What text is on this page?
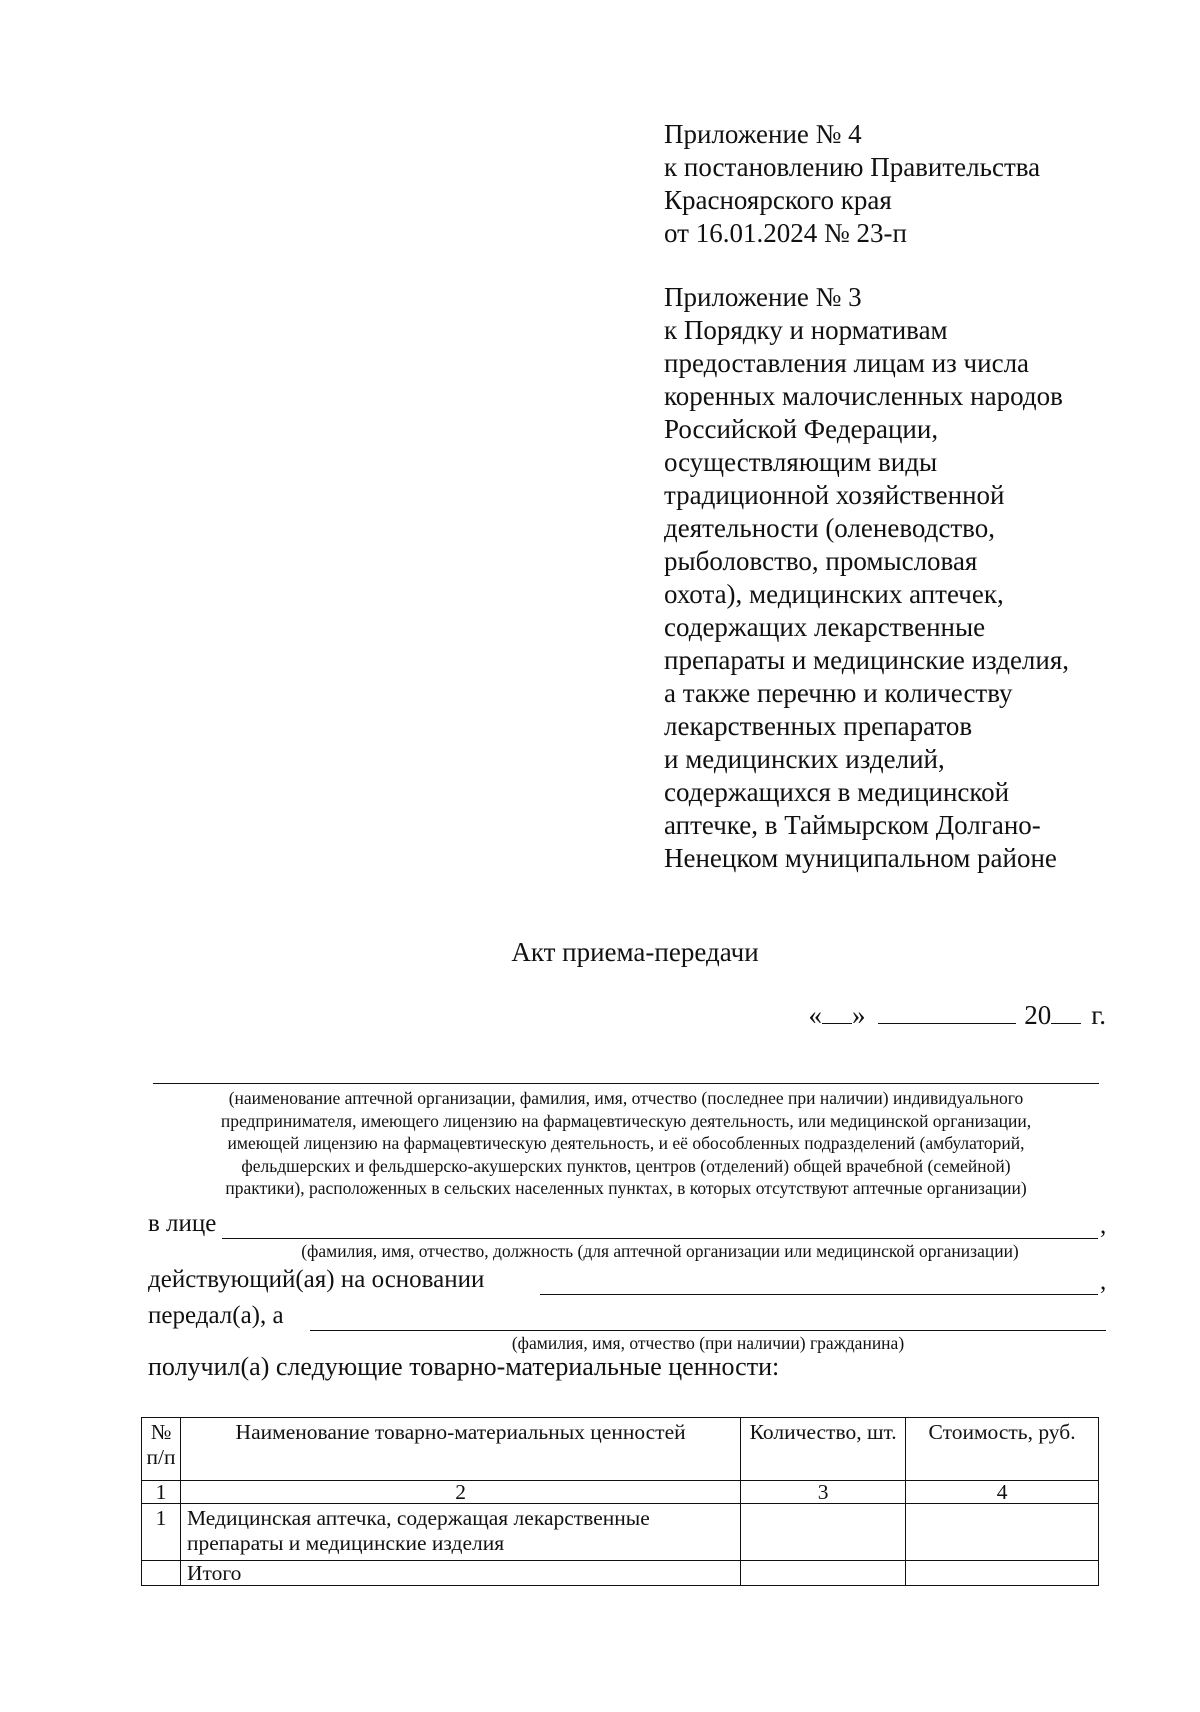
Приложение № 4
к постановлению Правительства
Красноярского края
от 16.01.2024 № 23-п
Приложение № 3
к Порядку и нормативам
предоставления лицам из числа
коренных малочисленных народов
Российской Федерации,
осуществляющим виды
традиционной хозяйственной
деятельности (оленеводство,
рыболовство, промысловая
охота), медицинских аптечек,
содержащих лекарственные
препараты и медицинские изделия,
а также перечню и количеству
лекарственных препаратов
и медицинских изделий,
содержащихся в медицинской
аптечке, в Таймырском Долгано-
Ненецком муниципальном районе
Акт приема-передачи
« »	20 г.
(наименование аптечной организации, фамилия, имя, отчество (последнее при наличии) индивидуального
предпринимателя, имеющего лицензию на фармацевтическую деятельность, или медицинской организации,
имеющей лицензию на фармацевтическую деятельность, и её обособленных подразделений (амбулаторий,
фельдшерских и фельдшерско-акушерских пунктов, центров (отделений) общей врачебной (семейной)
практики), расположенных в сельских населенных пунктах, в которых отсутствуют аптечные организации)
в лице	,
(фамилия, имя, отчество, должность (для аптечной организации или медицинской организации)
действующий(ая) на основании	,
передал(а), а
(фамилия, имя, отчество (при наличии) гражданина)
получил(а) следующие товарно-материальные ценности:
№ п/п	Наименование товарно-материальных ценностей	Количество, шт.	Стоимость, руб.
1	2	3	4
1	Медицинская аптечка, содержащая лекарственные препараты и медицинские изделия		
	Итого		
